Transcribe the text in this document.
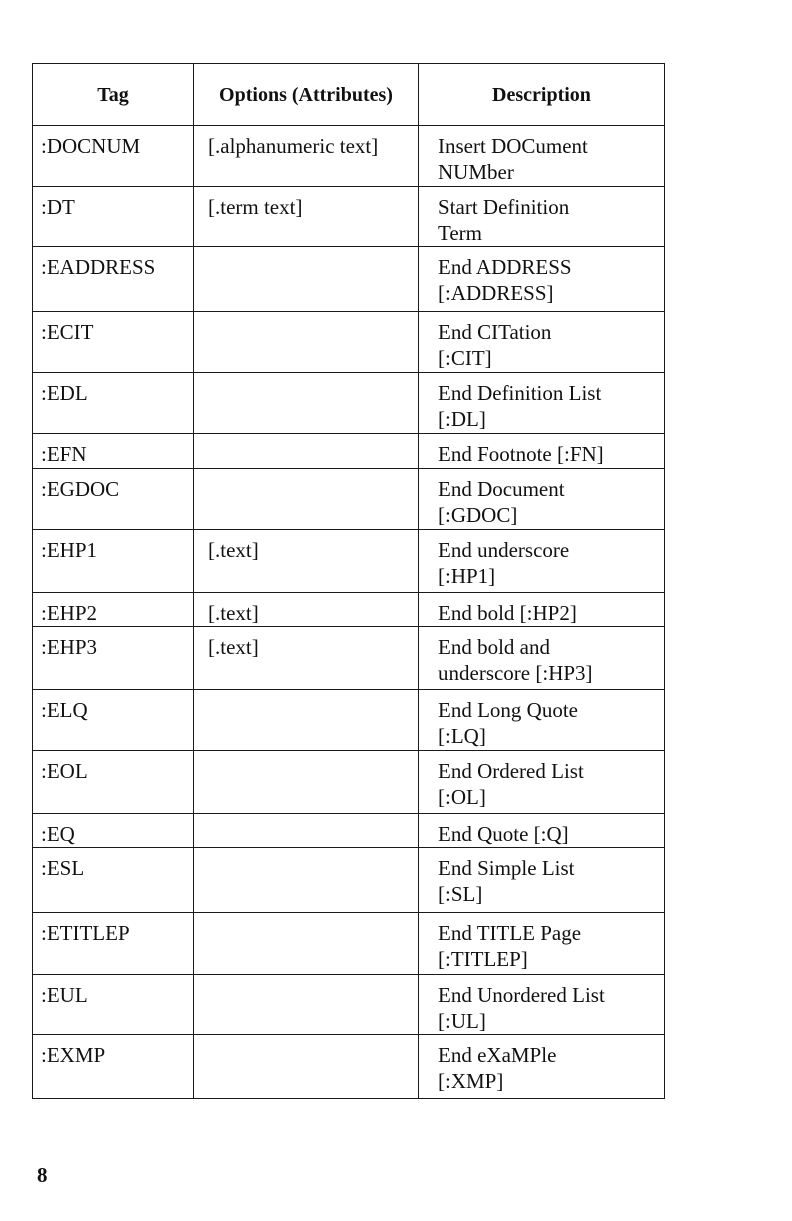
Tag	Options (Attributes)	Description
:DOCNUM	[.alphanumeric text]	Insert DOCument
NUMber

:DT	[.term text]	Start Definition
Term

:EADDRESS		End ADDRESS
[:ADDRESS]

:ECIT		End CITation
[:CIT]

:EDL		End Definition List
[:DL]

:EFN		End Footnote [:FN]

:EGDOC		End Document
[:GDOC]

:EHP1	[.text]	End underscore
[:HP1]

:EHP2	[.text]	End bold [:HP2]

:EHP3	[.text]	End bold and
underscore [:HP3]

:ELQ		End Long Quote
[:LQ]

:EOL		End Ordered List
[:OL]

:EQ		End Quote [:Q]

:ESL		End Simple List
[:SL]

:ETITLEP		End TITLE Page
[:TITLEP]

:EUL		End Unordered List
[:UL]

:EXMP		End eXaMPle
[:XMP]
8
